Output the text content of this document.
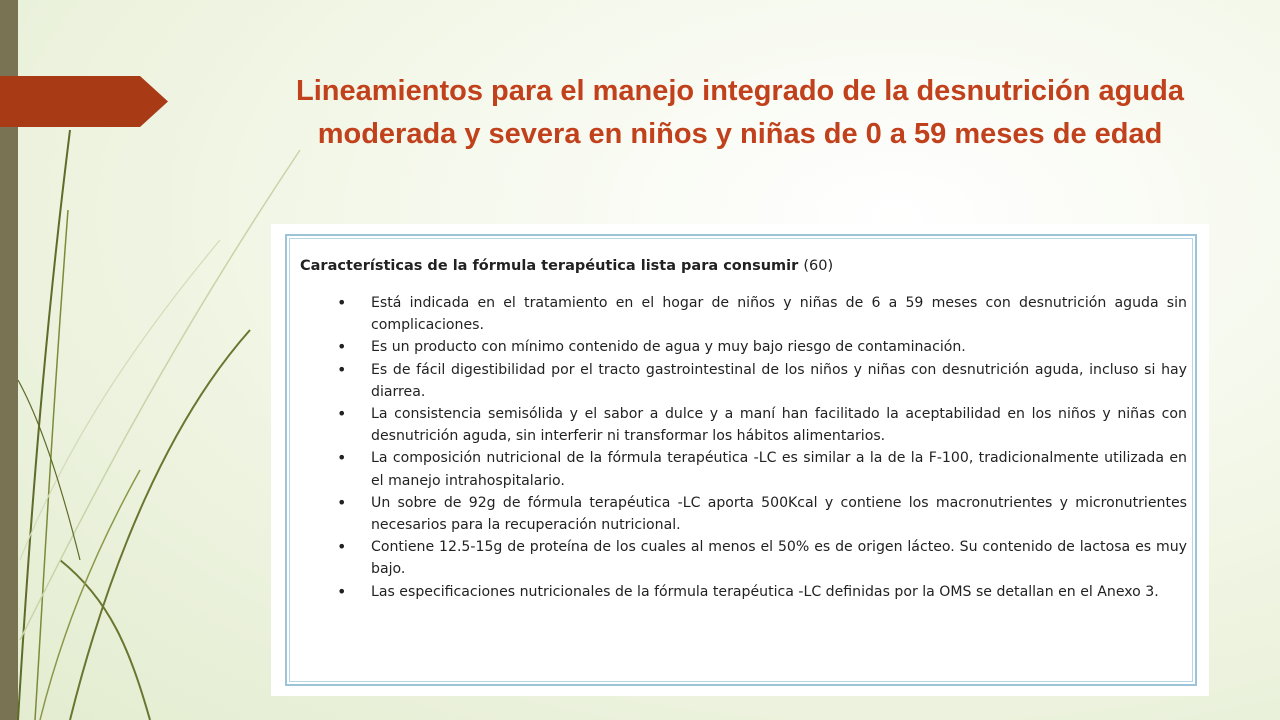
Lineamientos para el manejo integrado de la desnutrición aguda moderada y severa en niños y niñas de 0 a 59 meses de edad

Características de la fórmula terapéutica lista para consumir (60)

• Está indicada en el tratamiento en el hogar de niños y niñas de 6 a 59 meses con desnutrición aguda sin complicaciones.
• Es un producto con mínimo contenido de agua y muy bajo riesgo de contaminación.
• Es de fácil digestibilidad por el tracto gastrointestinal de los niños y niñas con desnutrición aguda, incluso si hay diarrea.
• La consistencia semisólida y el sabor a dulce y a maní han facilitado la aceptabilidad en los niños y niñas con desnutrición aguda, sin interferir ni transformar los hábitos alimentarios.
• La composición nutricional de la fórmula terapéutica -LC es similar a la de la F-100, tradicionalmente utilizada en el manejo intrahospitalario.
• Un sobre de 92g de fórmula terapéutica -LC aporta 500Kcal y contiene los macronutrientes y micronutrientes necesarios para la recuperación nutricional.
• Contiene 12.5-15g de proteína de los cuales al menos el 50% es de origen lácteo. Su contenido de lactosa es muy bajo.
• Las especificaciones nutricionales de la fórmula terapéutica -LC definidas por la OMS se detallan en el Anexo 3.
